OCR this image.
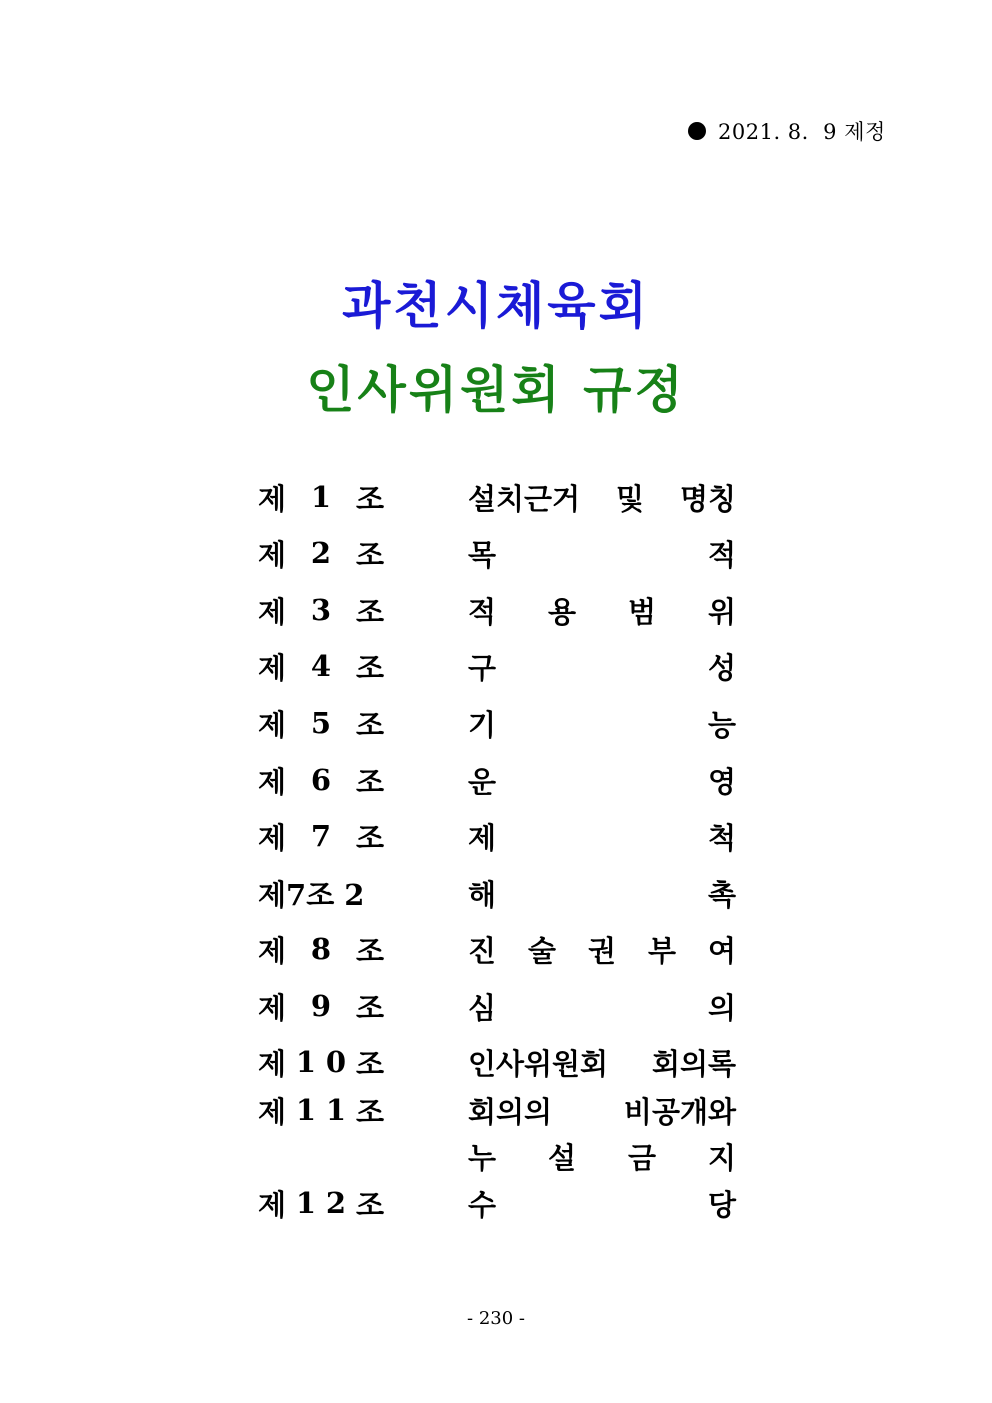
2021. 8.  9 제정
과천시체육회
인사위원회 규정
제 1 조	설치근거 및 명칭
제 2 조	목	적
제 3 조	적 용 범 위
제 4 조	구	성
제 5 조	기	능
제 6 조	운	영
제 7 조	제	척
제7조 2	해	촉
제 8 조	진 술 권 부 여
제 9 조	심	의
제 1 0 조	인사위원회 회의록
제 1 1 조	회의의 비공개와
누 설 금 지
제 1 2 조	수	당
- 230 -
